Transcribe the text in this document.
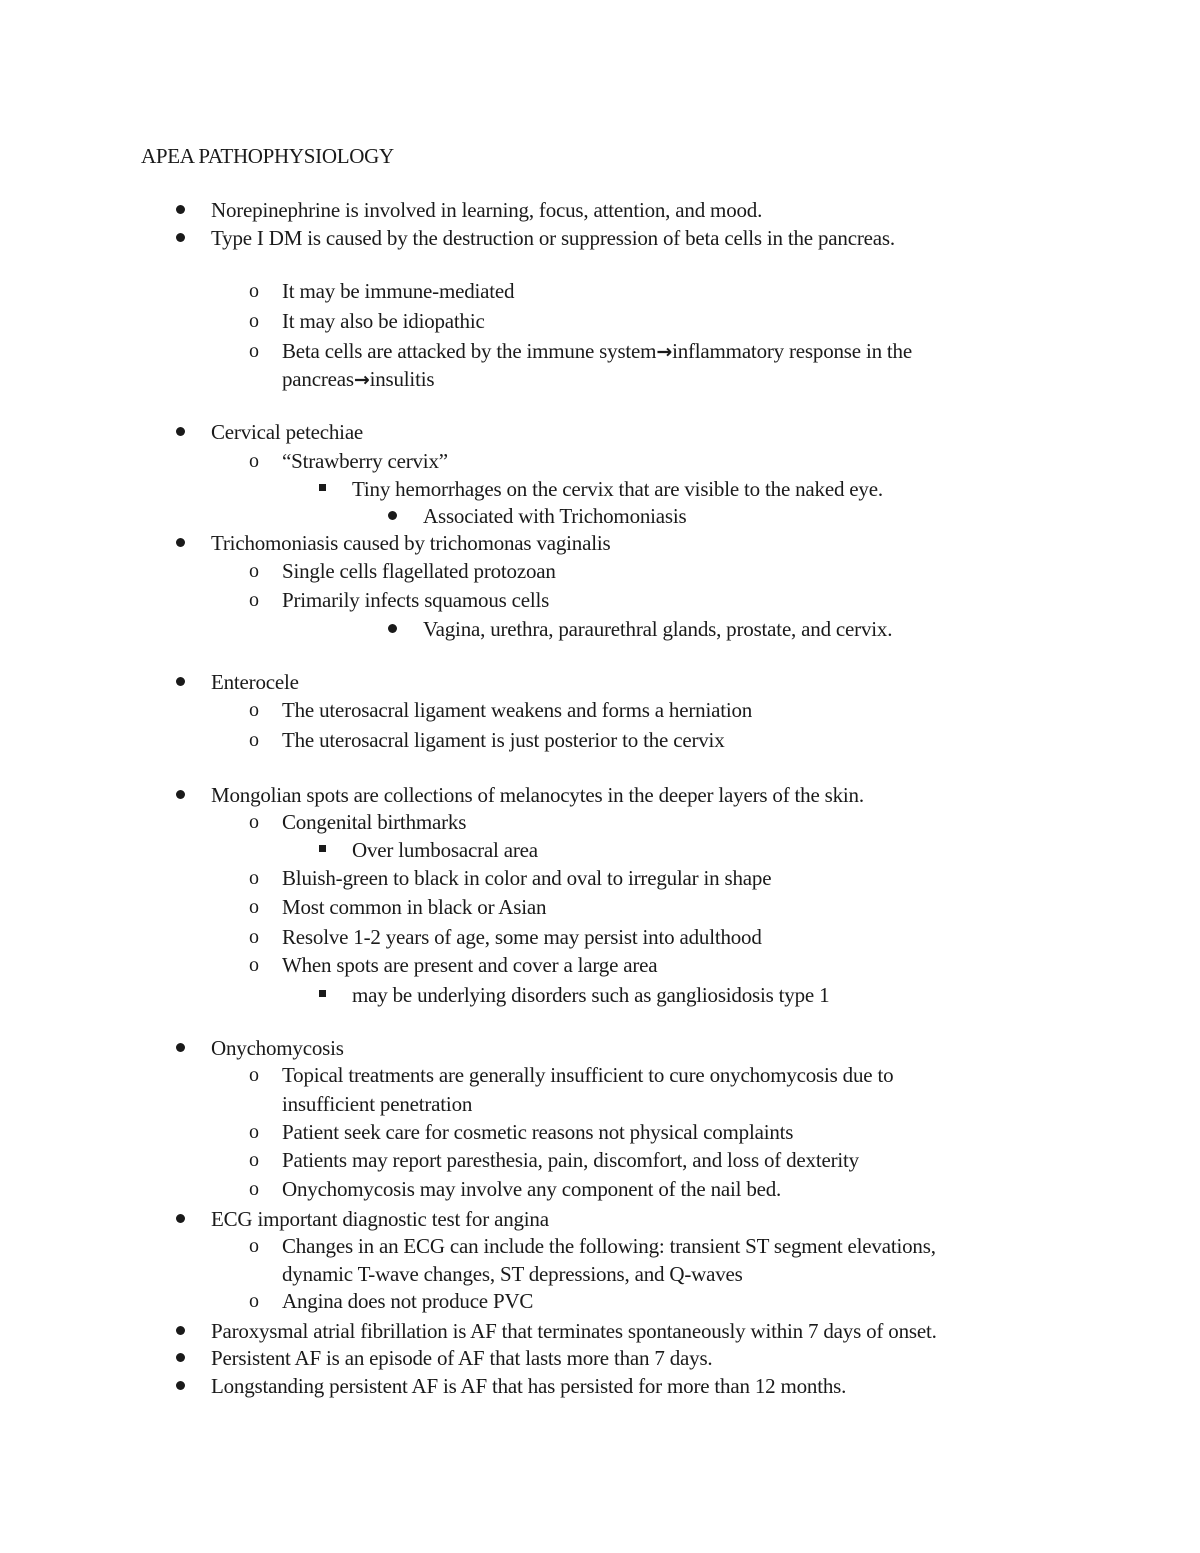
APEA PATHOPHYSIOLOGY
Norepinephrine is involved in learning, focus, attention, and mood.
Type I DM is caused by the destruction or suppression of beta cells in the pancreas.
o It may be immune-mediated
o It may also be idiopathic
o Beta cells are attacked by the immune system→inflammatory response in the
pancreas→insulitis
Cervical petechiae
o “Strawberry cervix”
Tiny hemorrhages on the cervix that are visible to the naked eye.
Associated with Trichomoniasis
Trichomoniasis caused by trichomonas vaginalis
o Single cells flagellated protozoan
o Primarily infects squamous cells
Vagina, urethra, paraurethral glands, prostate, and cervix.
Enterocele
o The uterosacral ligament weakens and forms a herniation
o The uterosacral ligament is just posterior to the cervix
Mongolian spots are collections of melanocytes in the deeper layers of the skin.
o Congenital birthmarks
Over lumbosacral area
o Bluish-green to black in color and oval to irregular in shape
o Most common in black or Asian
o Resolve 1-2 years of age, some may persist into adulthood
o When spots are present and cover a large area
may be underlying disorders such as gangliosidosis type 1
Onychomycosis
o Topical treatments are generally insufficient to cure onychomycosis due to
insufficient penetration
o Patient seek care for cosmetic reasons not physical complaints
o Patients may report paresthesia, pain, discomfort, and loss of dexterity
o Onychomycosis may involve any component of the nail bed.
ECG important diagnostic test for angina
o Changes in an ECG can include the following: transient ST segment elevations,
dynamic T-wave changes, ST depressions, and Q-waves
o Angina does not produce PVC
Paroxysmal atrial fibrillation is AF that terminates spontaneously within 7 days of onset.
Persistent AF is an episode of AF that lasts more than 7 days.
Longstanding persistent AF is AF that has persisted for more than 12 months.
